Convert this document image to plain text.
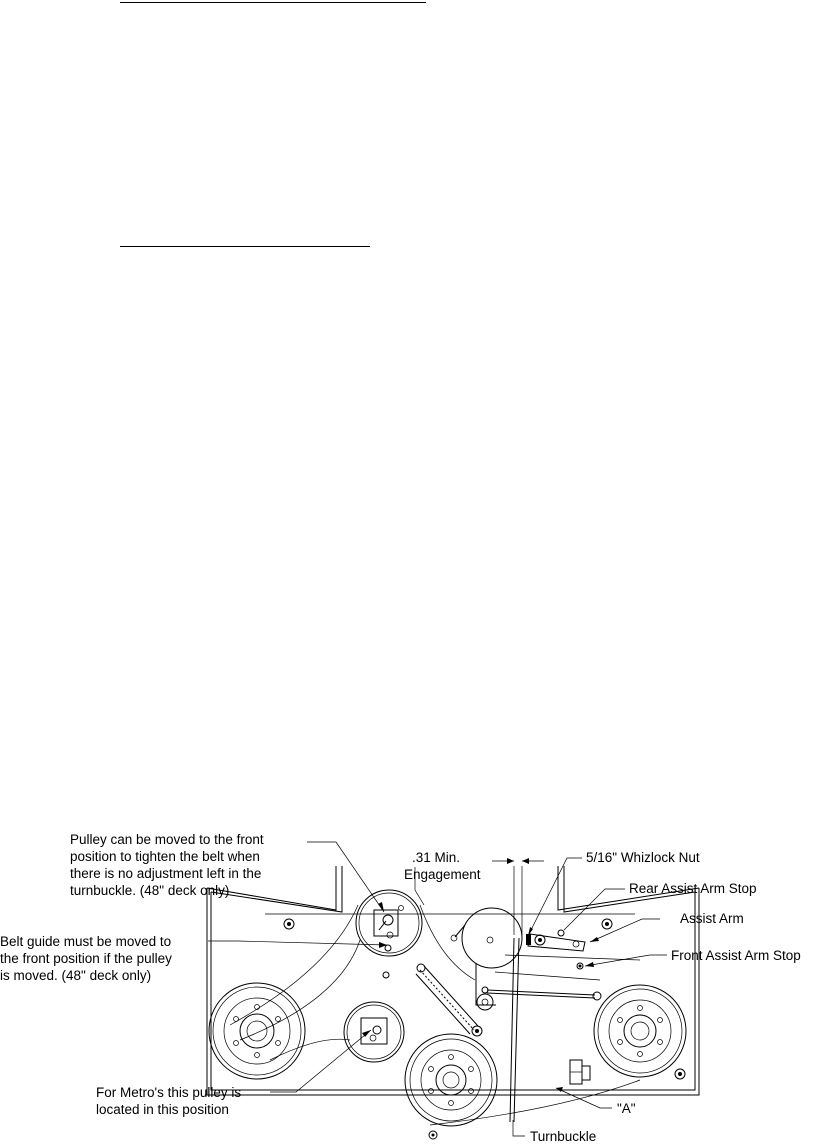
Pulley can be moved to the front
position to tighten the belt when
there is no adjustment left in the
turnbuckle. (48" deck only)
Belt guide must be moved to
the front position if the pulley
is moved. (48" deck only)
For Metro's this pulley is
located in this position
.31 Min.
Engagement
5/16" Whizlock Nut
Rear Assist Arm Stop
Assist Arm
Front Assist Arm Stop
"A"
Turnbuckle
